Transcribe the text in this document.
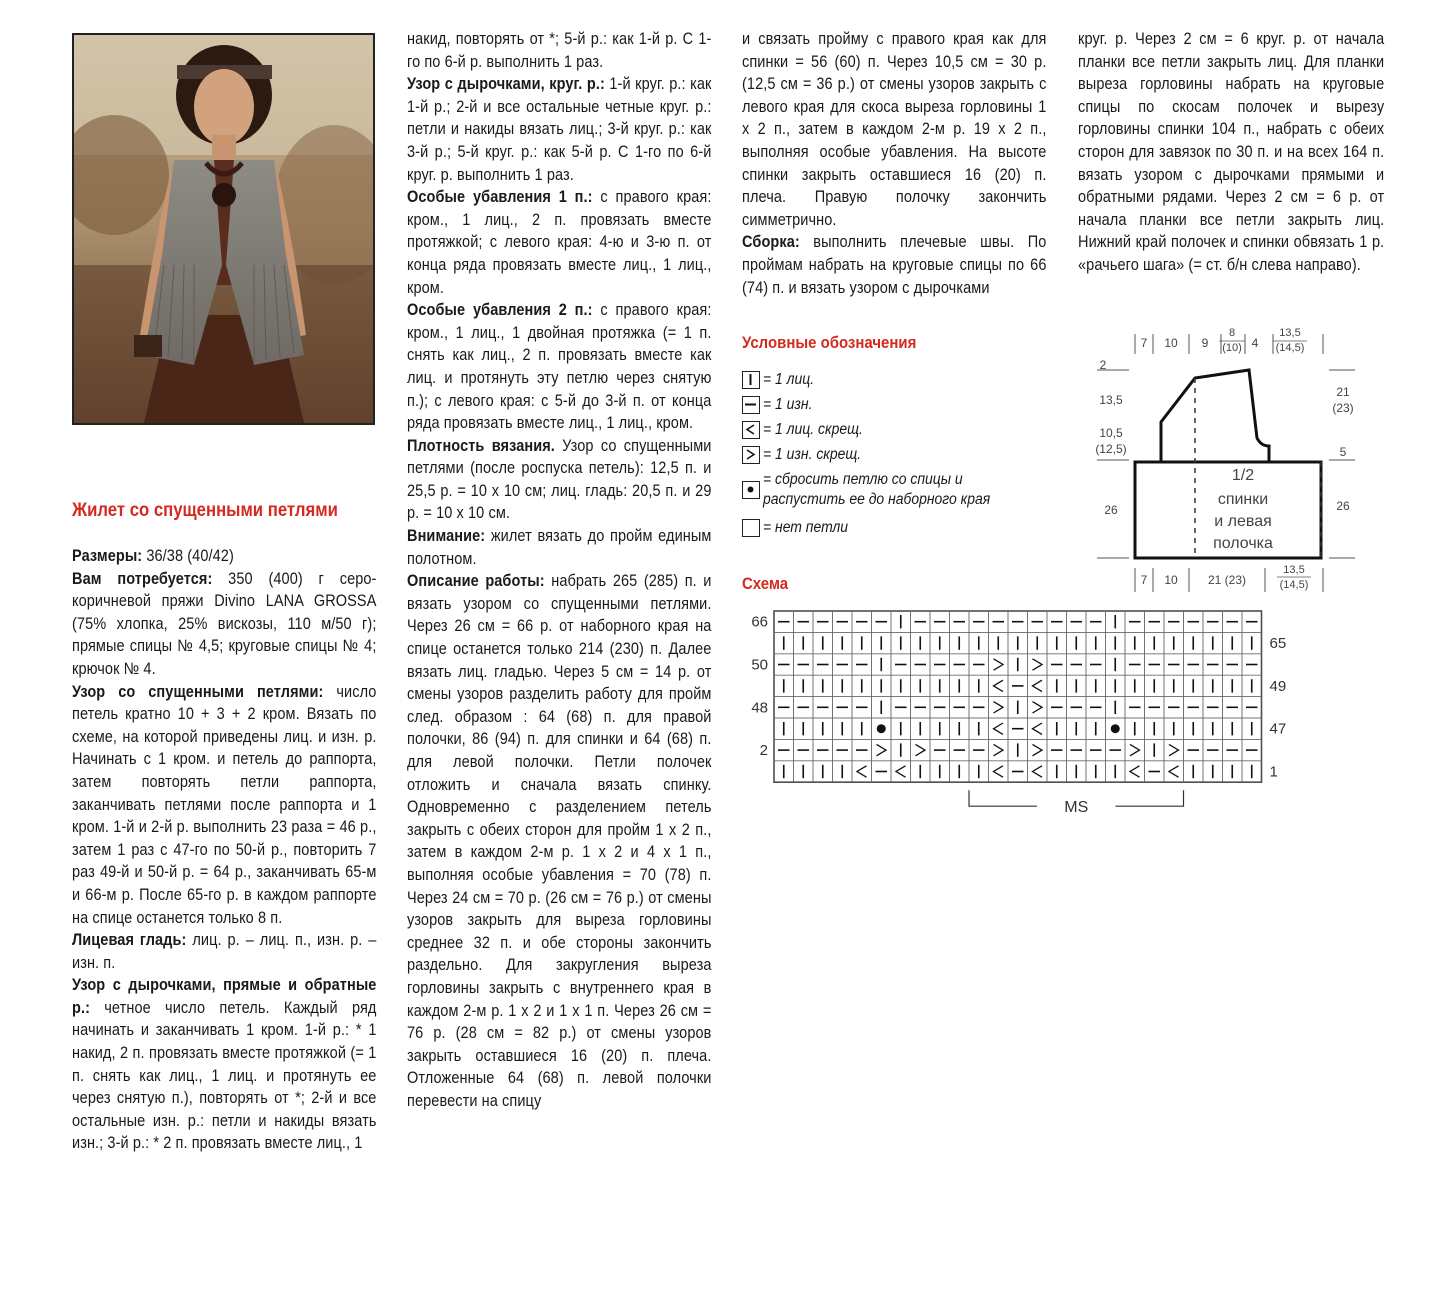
Жилет со спущенными петлями

Размеры: 36/38 (40/42)

Вам потребуется: 350 (400) г серо-коричневой пряжи Divino LANA GROSSA (75% хлопка, 25% вискозы, 110 м/50 г); прямые спицы № 4,5; круговые спицы № 4; крючок № 4.

Узор со спущенными петлями: число петель кратно 10 + 3 + 2 кром. Вязать по схеме, на которой приведены лиц. и изн. р. Начинать с 1 кром. и петель до раппорта, затем повторять петли раппорта, заканчивать петлями после раппорта и 1 кром. 1-й и 2-й р. выполнить 23 раза = 46 р., затем 1 раз с 47-го по 50-й р., повторить 7 раз 49-й и 50-й р. = 64 р., заканчивать 65-м и 66-м р. После 65-го р. в каждом раппорте на спице останется только 8 п.

Лицевая гладь: лиц. р. – лиц. п., изн. р. – изн. п.

Узор с дырочками, прямые и обратные р.: четное число петель. Каждый ряд начинать и заканчивать 1 кром. 1-й р.: * 1 накид, 2 п. провязать вместе протяжкой (= 1 п. снять как лиц., 1 лиц. и протянуть ее через снятую п.), повторять от *; 2-й и все остальные изн. р.: петли и накиды вязать изн.; 3-й р.: * 2 п. провязать вместе лиц., 1

накид, повторять от *; 5-й р.: как 1-й р. С 1-го по 6-й р. выполнить 1 раз.

Узор с дырочками, круг. р.: 1-й круг. р.: как 1-й р.; 2-й и все остальные четные круг. р.: петли и накиды вязать лиц.; 3-й круг. р.: как 3-й р.; 5-й круг. р.: как 5-й р. С 1-го по 6-й круг. р. выполнить 1 раз.

Особые убавления 1 п.: с правого края: кром., 1 лиц., 2 п. провязать вместе протяжкой; с левого края: 4-ю и 3-ю п. от конца ряда провязать вместе лиц., 1 лиц., кром.

Особые убавления 2 п.: с правого края: кром., 1 лиц., 1 двойная протяжка (= 1 п. снять как лиц., 2 п. провязать вместе как лиц. и протянуть эту петлю через снятую п.); с левого края: с 5-й до 3-й п. от конца ряда провязать вместе лиц., 1 лиц., кром.

Плотность вязания. Узор со спущенными петлями (после роспуска петель): 12,5 п. и 25,5 р. = 10 х 10 см; лиц. гладь: 20,5 п. и 29 р. = 10 х 10 см.

Внимание: жилет вязать до пройм единым полотном.

Описание работы: набрать 265 (285) п. и вязать узором со спущенными петлями. Через 26 см = 66 р. от наборного края на спице останется только 214 (230) п. Далее вязать лиц. гладью. Через 5 см = 14 р. от смены узоров разделить работу для пройм след. образом : 64 (68) п. для правой полочки, 86 (94) п. для спинки и 64 (68) п. для левой полочки. Петли полочек отложить и сначала вязать спинку. Одновременно с разделением петель закрыть с обеих сторон для пройм 1 х 2 п., затем в каждом 2-м р. 1 х 2 и 4 х 1 п., выполняя особые убавления = 70 (78) п. Через 24 см = 70 р. (26 см = 76 р.) от смены узоров закрыть для выреза горловины среднее 32 п. и обе стороны закончить раздельно. Для закругления выреза горловины закрыть с внутреннего края в каждом 2-м р. 1 х 2 и 1 х 1 п. Через 26 см = 76 р. (28 см = 82 р.) от смены узоров закрыть оставшиеся 16 (20) п. плеча. Отложенные 64 (68) п. левой полочки перевести на спицу

и связать пройму с правого края как для спинки = 56 (60) п. Через 10,5 см = 30 р. (12,5 см = 36 р.) от смены узоров закрыть с левого края для скоса выреза горловины 1 х 2 п., затем в каждом 2-м р. 19 х 2 п., выполняя особые убавления. На высоте спинки закрыть оставшиеся 16 (20) п. плеча. Правую полочку закончить симметрично.

Сборка: выполнить плечевые швы. По проймам набрать на круговые спицы по 66 (74) п. и вязать узором с дырочками

круг. р. Через 2 см = 6 круг. р. от начала планки все петли закрыть лиц. Для планки выреза горловины набрать на круговые спицы по скосам полочек и вырезу горловины спинки 104 п., набрать с обеих сторон для завязок по 30 п. и на всех 164 п. вязать узором с дырочками прямыми и обратными рядами. Через 2 см = 6 р. от начала планки все петли закрыть лиц. Нижний край полочек и спинки обвязать 1 р. «рачьего шага» (= ст. б/н слева направо).

Условные обозначения
= 1 лиц.
= 1 изн.
= 1 лиц. скрещ.
= 1 изн. скрещ.
= сбросить петлю со спицы и распустить ее до наборного края
= нет петли
Схема
66
50
48
2
65
49
47
1
MS
7 10 9
8
(10) 4
13,5
(14,5)
2
13,5
10,5
(12,5)
26
21
(23)
5
26
1/2
спинки
и левая
полочка
7 10	21 (23)
13,5
(14,5)
